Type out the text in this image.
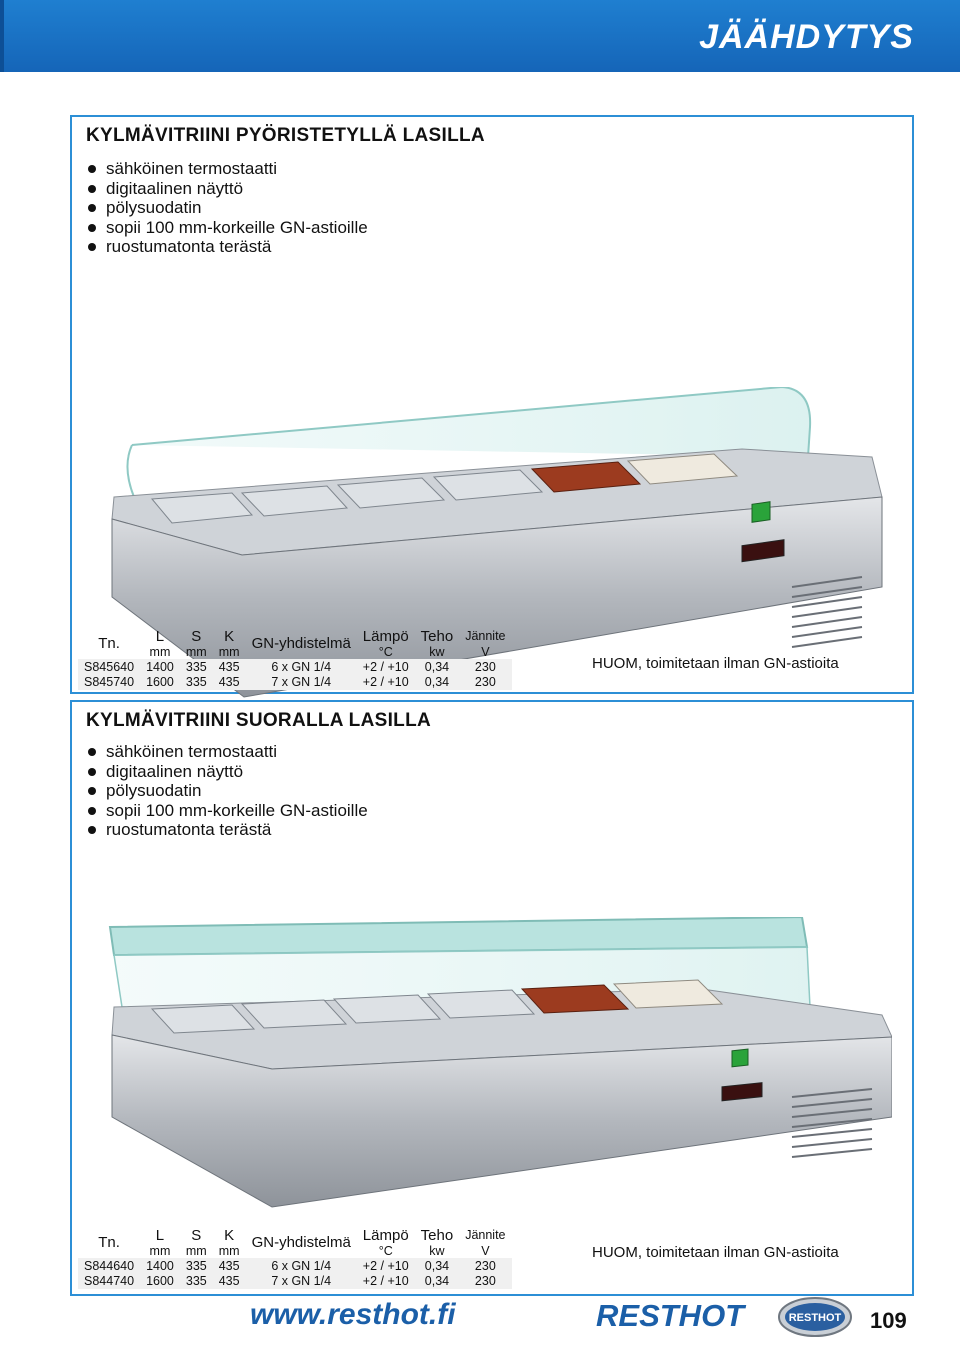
JÄÄHDYTYS
KYLMÄVITRIINI PYÖRISTETYLLÄ LASILLA
sähköinen termostaatti
digitaalinen näyttö
pölysuodatin
sopii 100 mm-korkeille GN-astioille
ruostumatonta terästä
Tn.	L	S	K	GN-yhdistelmä	Lämpö	Teho	Jännite
	mm	mm	mm		°C	kw	V
S845640	1400	335	435	6 x GN 1/4	+2 / +10	0,34	230
S845740	1600	335	435	7 x GN 1/4	+2 / +10	0,34	230
HUOM, toimitetaan ilman GN-astioita
KYLMÄVITRIINI SUORALLA LASILLA
sähköinen termostaatti
digitaalinen näyttö
pölysuodatin
sopii 100 mm-korkeille GN-astioille
ruostumatonta terästä
Tn.	L	S	K	GN-yhdistelmä	Lämpö	Teho	Jännite
	mm	mm	mm		°C	kw	V
S844640	1400	335	435	6 x GN 1/4	+2 / +10	0,34	230
S844740	1600	335	435	7 x GN 1/4	+2 / +10	0,34	230
HUOM, toimitetaan ilman GN-astioita
www.resthot.fi	RESTHOT	RESTHOT 109
